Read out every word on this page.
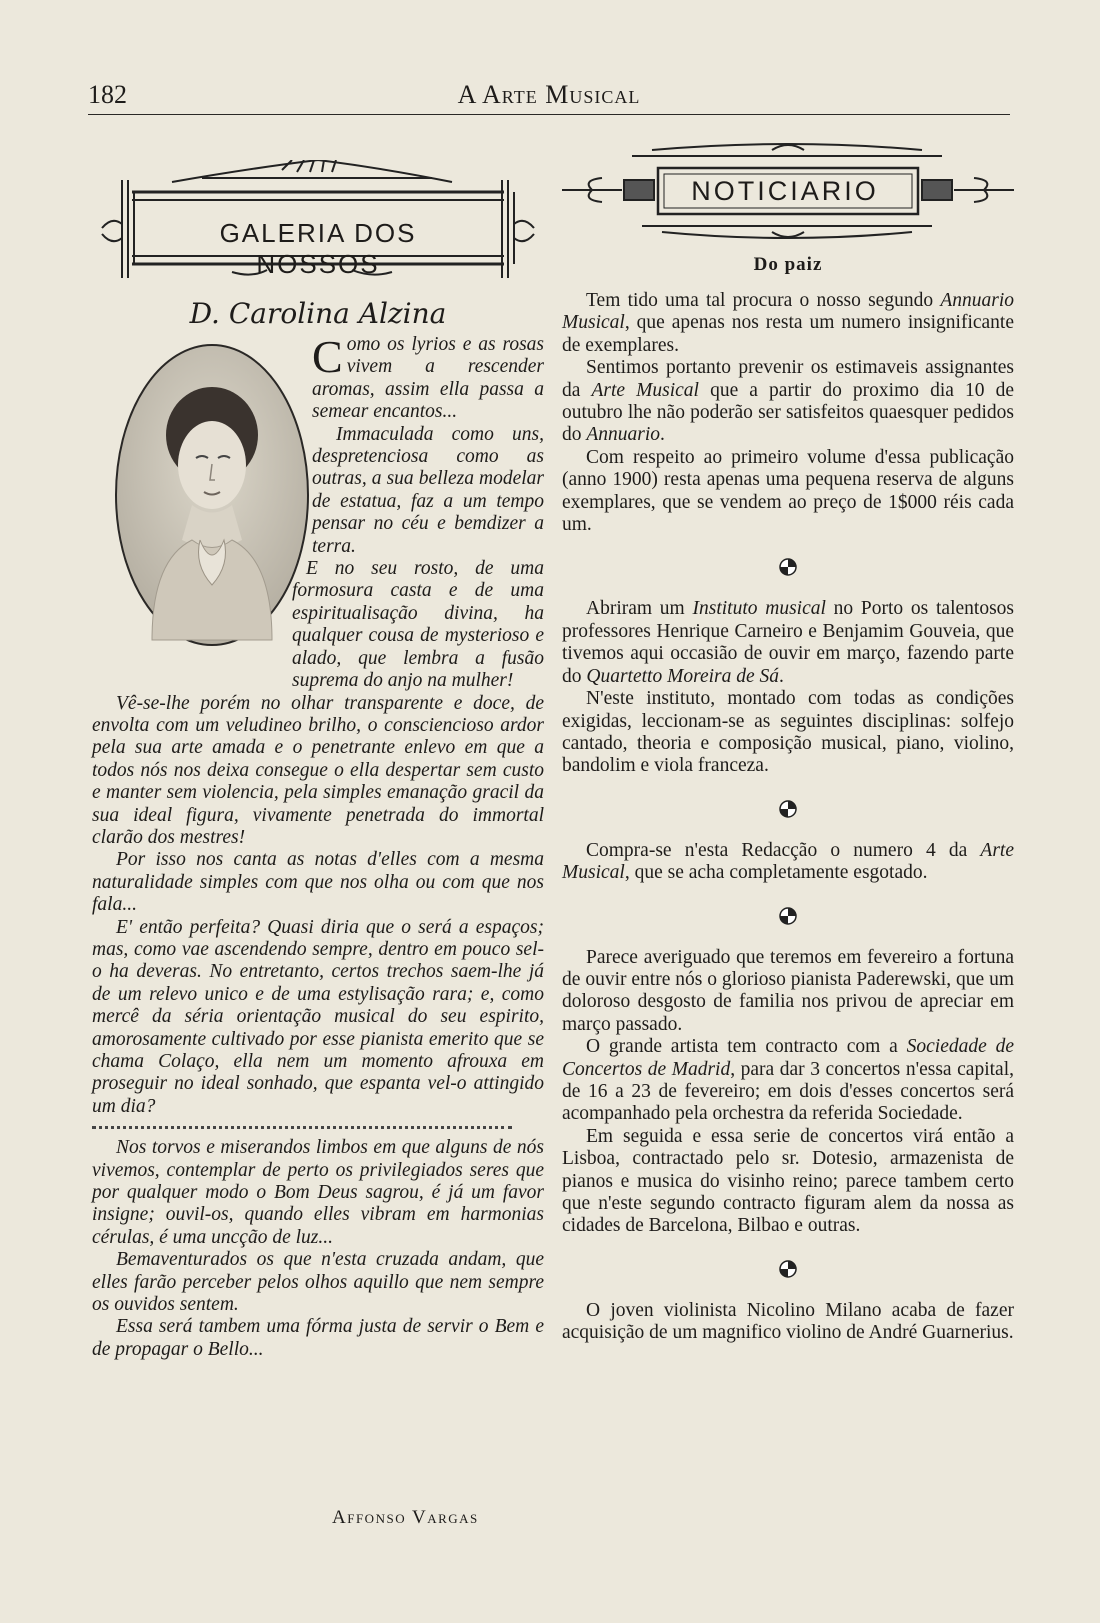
182	A Arte Musical
GALERIA DOS NOSSOS
D. Carolina Alzina

Como os lyrios e as rosas vivem a rescender aromas, assim ella passa a semear encantos...

Immaculada como uns, despretenciosa como as outras, a sua belleza modelar de estatua, faz a um tempo pensar no céu e bemdizer a terra.

E no seu rosto, de uma formosura casta e de uma espiritualisação divina, ha qualquer cousa de mysterioso e alado, que lembra a fusão suprema do anjo na mulher!

Vê-se-lhe porém no olhar transparente e doce, de envolta com um veludineo brilho, o consciencioso ardor pela sua arte amada e o penetrante enlevo em que a todos nós nos deixa consegue o ella despertar sem custo e manter sem violencia, pela simples emanação gracil da sua ideal figura, vivamente penetrada do immortal clarão dos mestres!

Por isso nos canta as notas d'elles com a mesma naturalidade simples com que nos olha ou com que nos fala...

E' então perfeita? Quasi diria que o será a espaços; mas, como vae ascendendo sempre, dentro em pouco sel-o ha deveras. No entretanto, certos trechos saem-lhe já de um relevo unico e de uma estylisação rara; e, como mercê da séria orientação musical do seu espirito, amorosamente cultivado por esse pianista emerito que se chama Colaço, ella nem um momento afrouxa em proseguir no ideal sonhado, que espanta vel-o attingido um dia?

Nos torvos e miserandos limbos em que alguns de nós vivemos, contemplar de perto os privilegiados seres que por qualquer modo o Bom Deus sagrou, é já um favor insigne; ouvil-os, quando elles vibram em harmonias cérulas, é uma uncção de luz...

Bemaventurados os que n'esta cruzada andam, que elles farão perceber pelos olhos aquillo que nem sempre os ouvidos sentem.

Essa será tambem uma fórma justa de servir o Bem e de propagar o Bello...

Affonso Vargas
NOTICIARIO
Do paiz

Tem tido uma tal procura o nosso segundo Annuario Musical, que apenas nos resta um numero insignificante de exemplares.

Sentimos portanto prevenir os estimaveis assignantes da Arte Musical que a partir do proximo dia 10 de outubro lhe não poderão ser satisfeitos quaesquer pedidos do Annuario.

Com respeito ao primeiro volume d'essa publicação (anno 1900) resta apenas uma pequena reserva de alguns exemplares, que se vendem ao preço de 1$000 réis cada um.

Abriram um Instituto musical no Porto os talentosos professores Henrique Carneiro e Benjamim Gouveia, que tivemos aqui occasião de ouvir em março, fazendo parte do Quartetto Moreira de Sá.

N'este instituto, montado com todas as condições exigidas, leccionam-se as seguintes disciplinas: solfejo cantado, theoria e composição musical, piano, violino, bandolim e viola franceza.

Compra-se n'esta Redacção o numero 4 da Arte Musical, que se acha completamente esgotado.

Parece averiguado que teremos em fevereiro a fortuna de ouvir entre nós o glorioso pianista Paderewski, que um doloroso desgosto de familia nos privou de apreciar em março passado.

O grande artista tem contracto com a Sociedade de Concertos de Madrid, para dar 3 concertos n'essa capital, de 16 a 23 de fevereiro; em dois d'esses concertos será acompanhado pela orchestra da referida Sociedade.

Em seguida e essa serie de concertos virá então a Lisboa, contractado pelo sr. Dotesio, armazenista de pianos e musica do visinho reino; parece tambem certo que n'este segundo contracto figuram alem da nossa as cidades de Barcelona, Bilbao e outras.

O joven violinista Nicolino Milano acaba de fazer acquisição de um magnifico violino de André Guarnerius.
